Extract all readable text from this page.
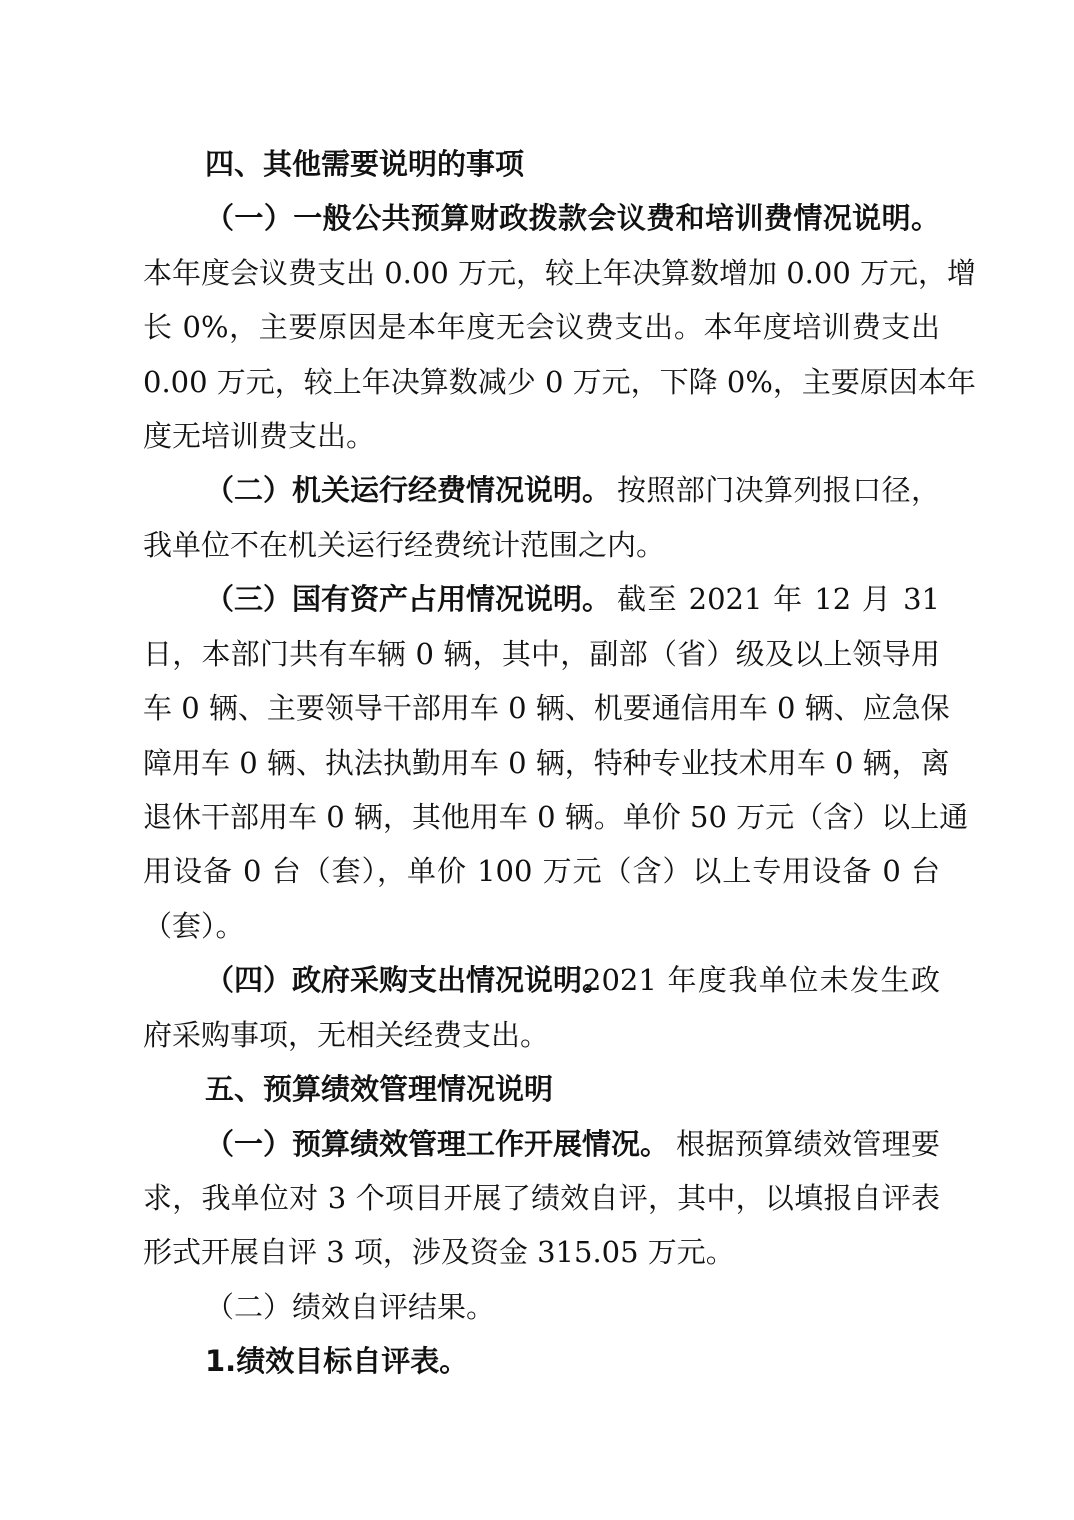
四、其他需要说明的事项
（一）一般公共预算财政拨款会议费和培训费情况说明。
本年度会议费支出 0.00 万元，较上年决算数增加 0.00 万元，增
长 0%，主要原因是本年度无会议费支出。本年度培训费支出
0.00 万元，较上年决算数减少 0 万元，下降 0%，主要原因本年
度无培训费支出。
（二）机关运行经费情况说明。 按照部门决算列报口径，
我单位不在机关运行经费统计范围之内。
（三）国有资产占用情况说明。 截至 2021 年 12 月 31
日，本部门共有车辆 0 辆，其中，副部（省）级及以上领导用
车 0 辆、主要领导干部用车 0 辆、机要通信用车 0 辆、应急保
障用车 0 辆、执法执勤用车 0 辆，特种专业技术用车 0 辆，离
退休干部用车 0 辆，其他用车 0 辆。单价 50 万元（含）以上通
用设备 0 台（套），单价 100 万元（含）以上专用设备 0 台
（套）。
（四）政府采购支出情况说明。
2021 年度我单位未发生政
府采购事项，无相关经费支出。
五、预算绩效管理情况说明
（一）预算绩效管理工作开展情况。 根据预算绩效管理要
求，我单位对 3 个项目开展了绩效自评，其中，以填报自评表
形式开展自评 3 项，涉及资金 315.05 万元。
（二）绩效自评结果。
1.绩效目标自评表。
